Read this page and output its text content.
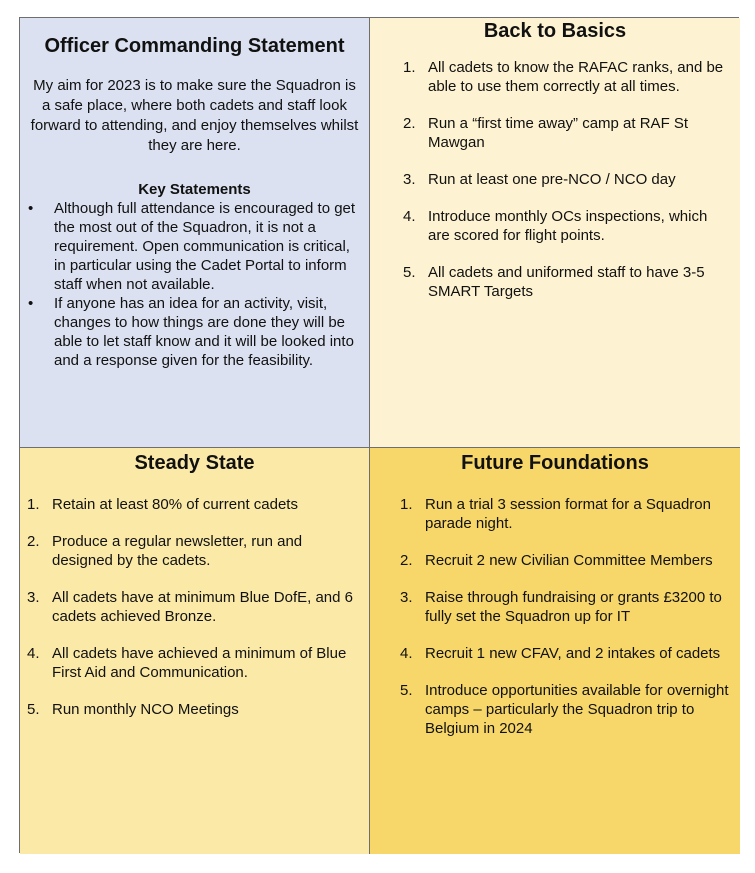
Officer Commanding Statement
My aim for 2023 is to make sure the Squadron is a safe place, where both cadets and staff look forward to attending, and enjoy themselves whilst they are here.
Key Statements
• Although full attendance is encouraged to get the most out of the Squadron, it is not a requirement. Open communication is critical, in particular using the Cadet Portal to inform staff when not available.
• If anyone has an idea for an activity, visit, changes to how things are done they will be able to let staff know and it will be looked into and a response given for the feasibility.
Back to Basics
1. All cadets to know the RAFAC ranks, and be able to use them correctly at all times.
2. Run a “first time away” camp at RAF St Mawgan
3. Run at least one pre-NCO / NCO day
4. Introduce monthly OCs inspections, which are scored for flight points.
5. All cadets and uniformed staff to have 3-5 SMART Targets
Steady State
1. Retain at least 80% of current cadets
2. Produce a regular newsletter, run and designed by the cadets.
3. All cadets have at minimum Blue DofE, and 6 cadets achieved Bronze.
4. All cadets have achieved a minimum of Blue First Aid and Communication.
5. Run monthly NCO Meetings
Future Foundations
1. Run a trial 3 session format for a Squadron parade night.
2. Recruit 2 new Civilian Committee Members
3. Raise through fundraising or grants £3200 to fully set the Squadron up for IT
4. Recruit 1 new CFAV, and 2 intakes of cadets
5. Introduce opportunities available for overnight camps – particularly the Squadron trip to Belgium in 2024
